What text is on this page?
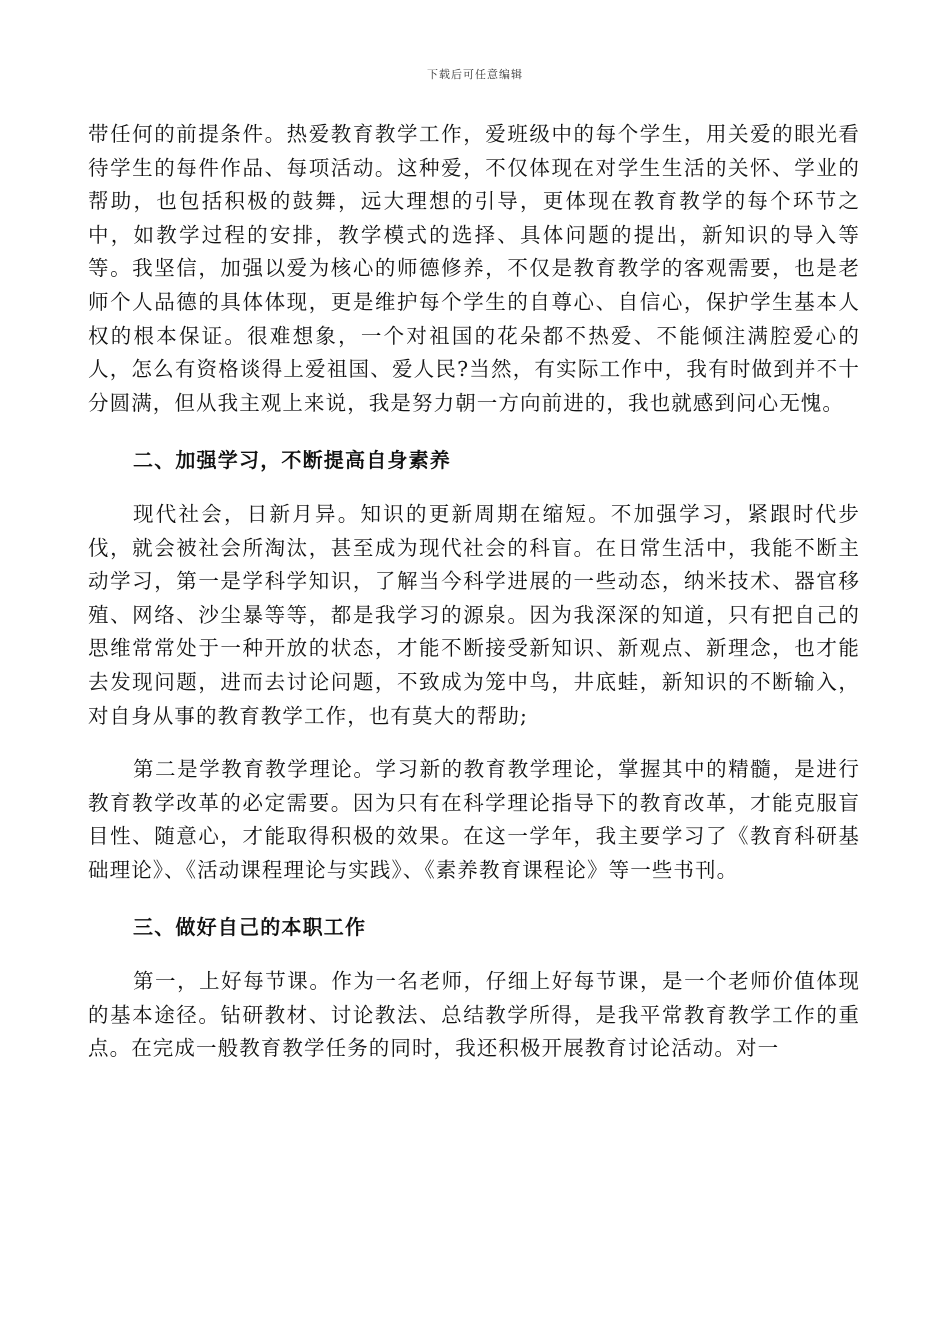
下载后可任意编辑

带任何的前提条件。热爱教育教学工作，爱班级中的每个学生，用关爱的眼光看待学生的每件作品、每项活动。这种爱，不仅体现在对学生生活的关怀、学业的帮助，也包括积极的鼓舞，远大理想的引导，更体现在教育教学的每个环节之中，如教学过程的安排，教学模式的选择、具体问题的提出，新知识的导入等等。我坚信，加强以爱为核心的师德修养，不仅是教育教学的客观需要，也是老师个人品德的具体体现，更是维护每个学生的自尊心、自信心，保护学生基本人权的根本保证。很难想象，一个对祖国的花朵都不热爱、不能倾注满腔爱心的人，怎么有资格谈得上爱祖国、爱人民?当然，有实际工作中，我有时做到并不十分圆满，但从我主观上来说，我是努力朝一方向前进的，我也就感到问心无愧。

二、加强学习，不断提高自身素养

现代社会，日新月异。知识的更新周期在缩短。不加强学习，紧跟时代步伐，就会被社会所淘汰，甚至成为现代社会的科盲。在日常生活中，我能不断主动学习，第一是学科学知识，了解当今科学进展的一些动态，纳米技术、器官移殖、网络、沙尘暴等等，都是我学习的源泉。因为我深深的知道，只有把自己的思维常常处于一种开放的状态，才能不断接受新知识、新观点、新理念，也才能去发现问题，进而去讨论问题，不致成为笼中鸟，井底蛙，新知识的不断输入，对自身从事的教育教学工作，也有莫大的帮助;

第二是学教育教学理论。学习新的教育教学理论，掌握其中的精髓，是进行教育教学改革的必定需要。因为只有在科学理论指导下的教育改革，才能克服盲目性、随意心，才能取得积极的效果。在这一学年，我主要学习了《教育科研基础理论》、《活动课程理论与实践》、《素养教育课程论》等一些书刊。

三、做好自己的本职工作

第一，上好每节课。作为一名老师，仔细上好每节课，是一个老师价值体现的基本途径。钻研教材、讨论教法、总结教学所得，是我平常教育教学工作的重点。在完成一般教育教学任务的同时，我还积极开展教育讨论活动。对一
